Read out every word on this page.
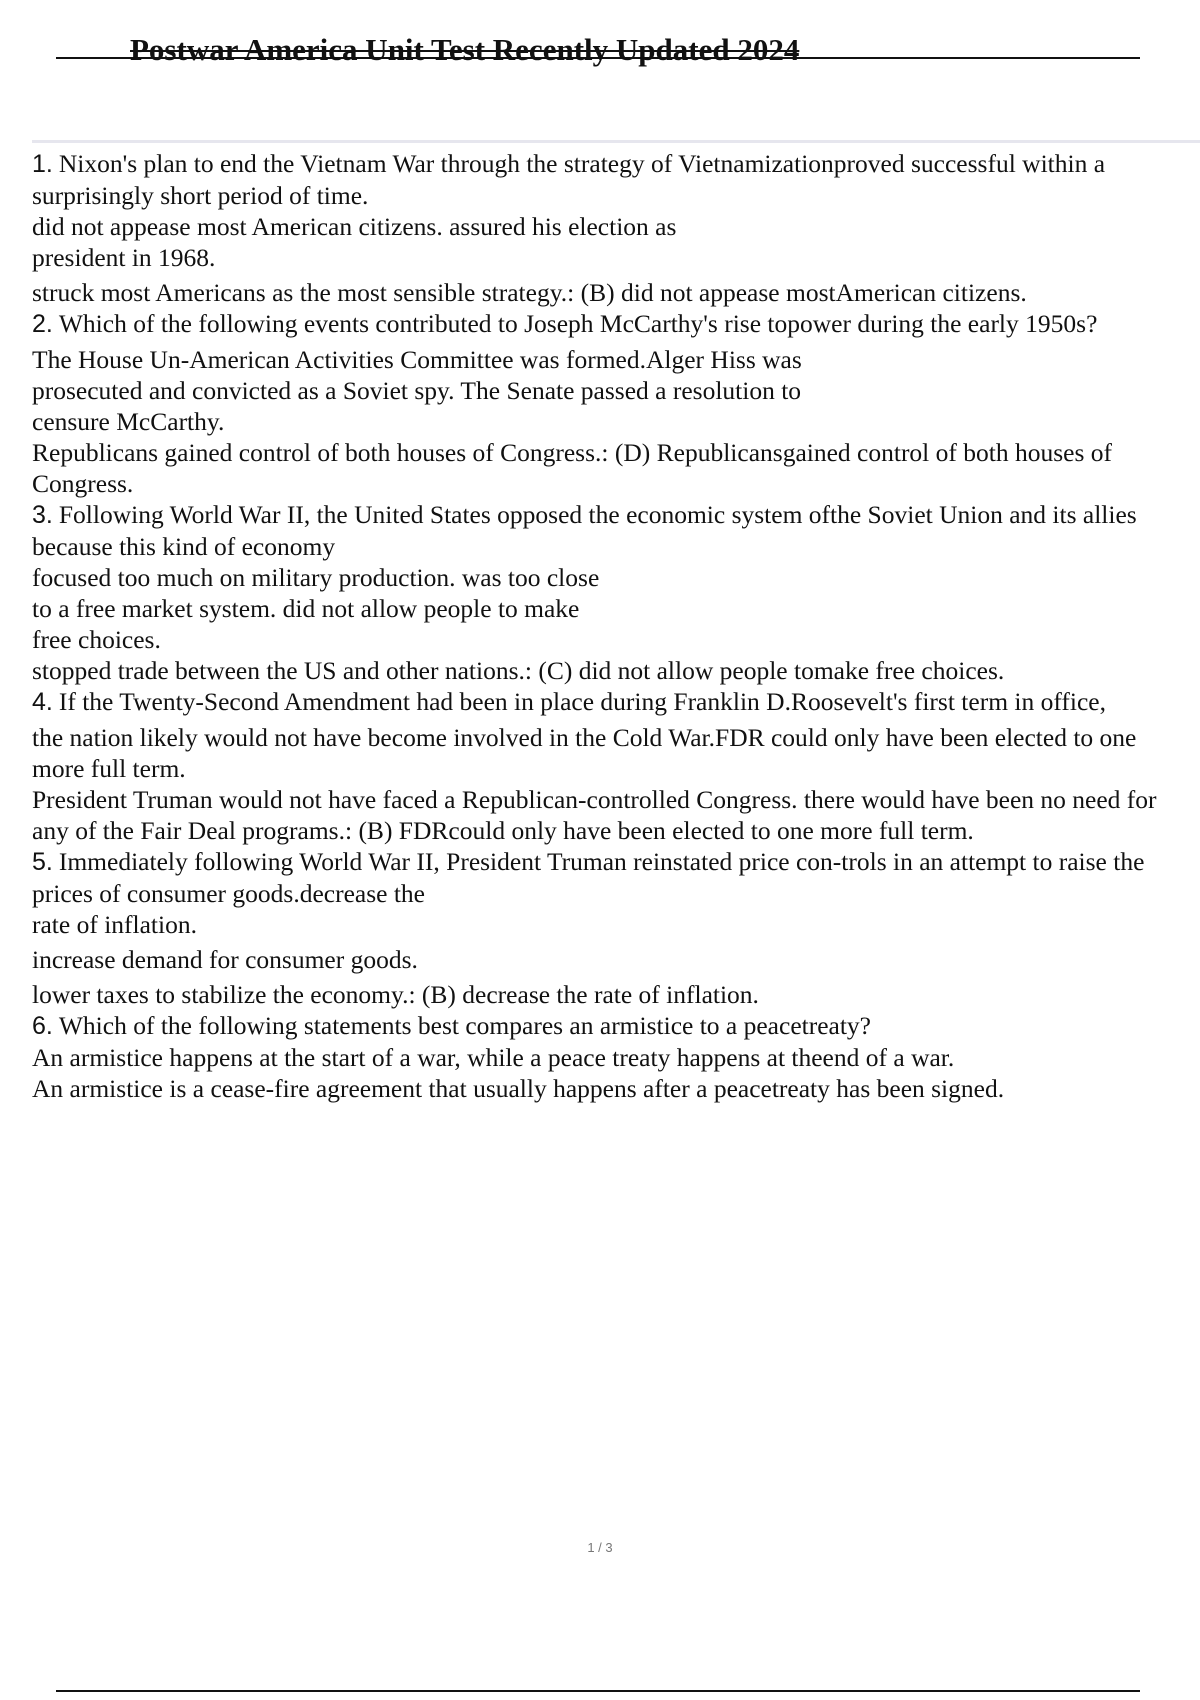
Postwar America Unit Test Recently Updated 2024

1. Nixon's plan to end the Vietnam War through the strategy of Vietnamizationproved successful within a surprisingly short period of time.

did not appease most American citizens. assured his election as

president in 1968.

struck most Americans as the most sensible strategy.: (B) did not appease mostAmerican citizens.

2. Which of the following events contributed to Joseph McCarthy's rise topower during the early 1950s?

The House Un-American Activities Committee was formed.Alger Hiss was

prosecuted and convicted as a Soviet spy. The Senate passed a resolution to

censure McCarthy.

Republicans gained control of both houses of Congress.: (D) Republicansgained control of both houses of Congress.

3. Following World War II, the United States opposed the economic system ofthe Soviet Union and its allies because this kind of economy

focused too much on military production. was too close

to a free market system. did not allow people to make

free choices.

stopped trade between the US and other nations.: (C) did not allow people tomake free choices.

4. If the Twenty-Second Amendment had been in place during Franklin D.Roosevelt's first term in office,

the nation likely would not have become involved in the Cold War.FDR could only have been elected to one more full term.

President Truman would not have faced a Republican-controlled Congress. there would have been no need for any of the Fair Deal programs.: (B) FDRcould only have been elected to one more full term.

5. Immediately following World War II, President Truman reinstated price con-trols in an attempt to raise the prices of consumer goods.decrease the

rate of inflation.

increase demand for consumer goods.

lower taxes to stabilize the economy.: (B) decrease the rate of inflation.

6. Which of the following statements best compares an armistice to a peacetreaty?

An armistice happens at the start of a war, while a peace treaty happens at theend of a war.

An armistice is a cease-fire agreement that usually happens after a peacetreaty has been signed.

1 / 3
